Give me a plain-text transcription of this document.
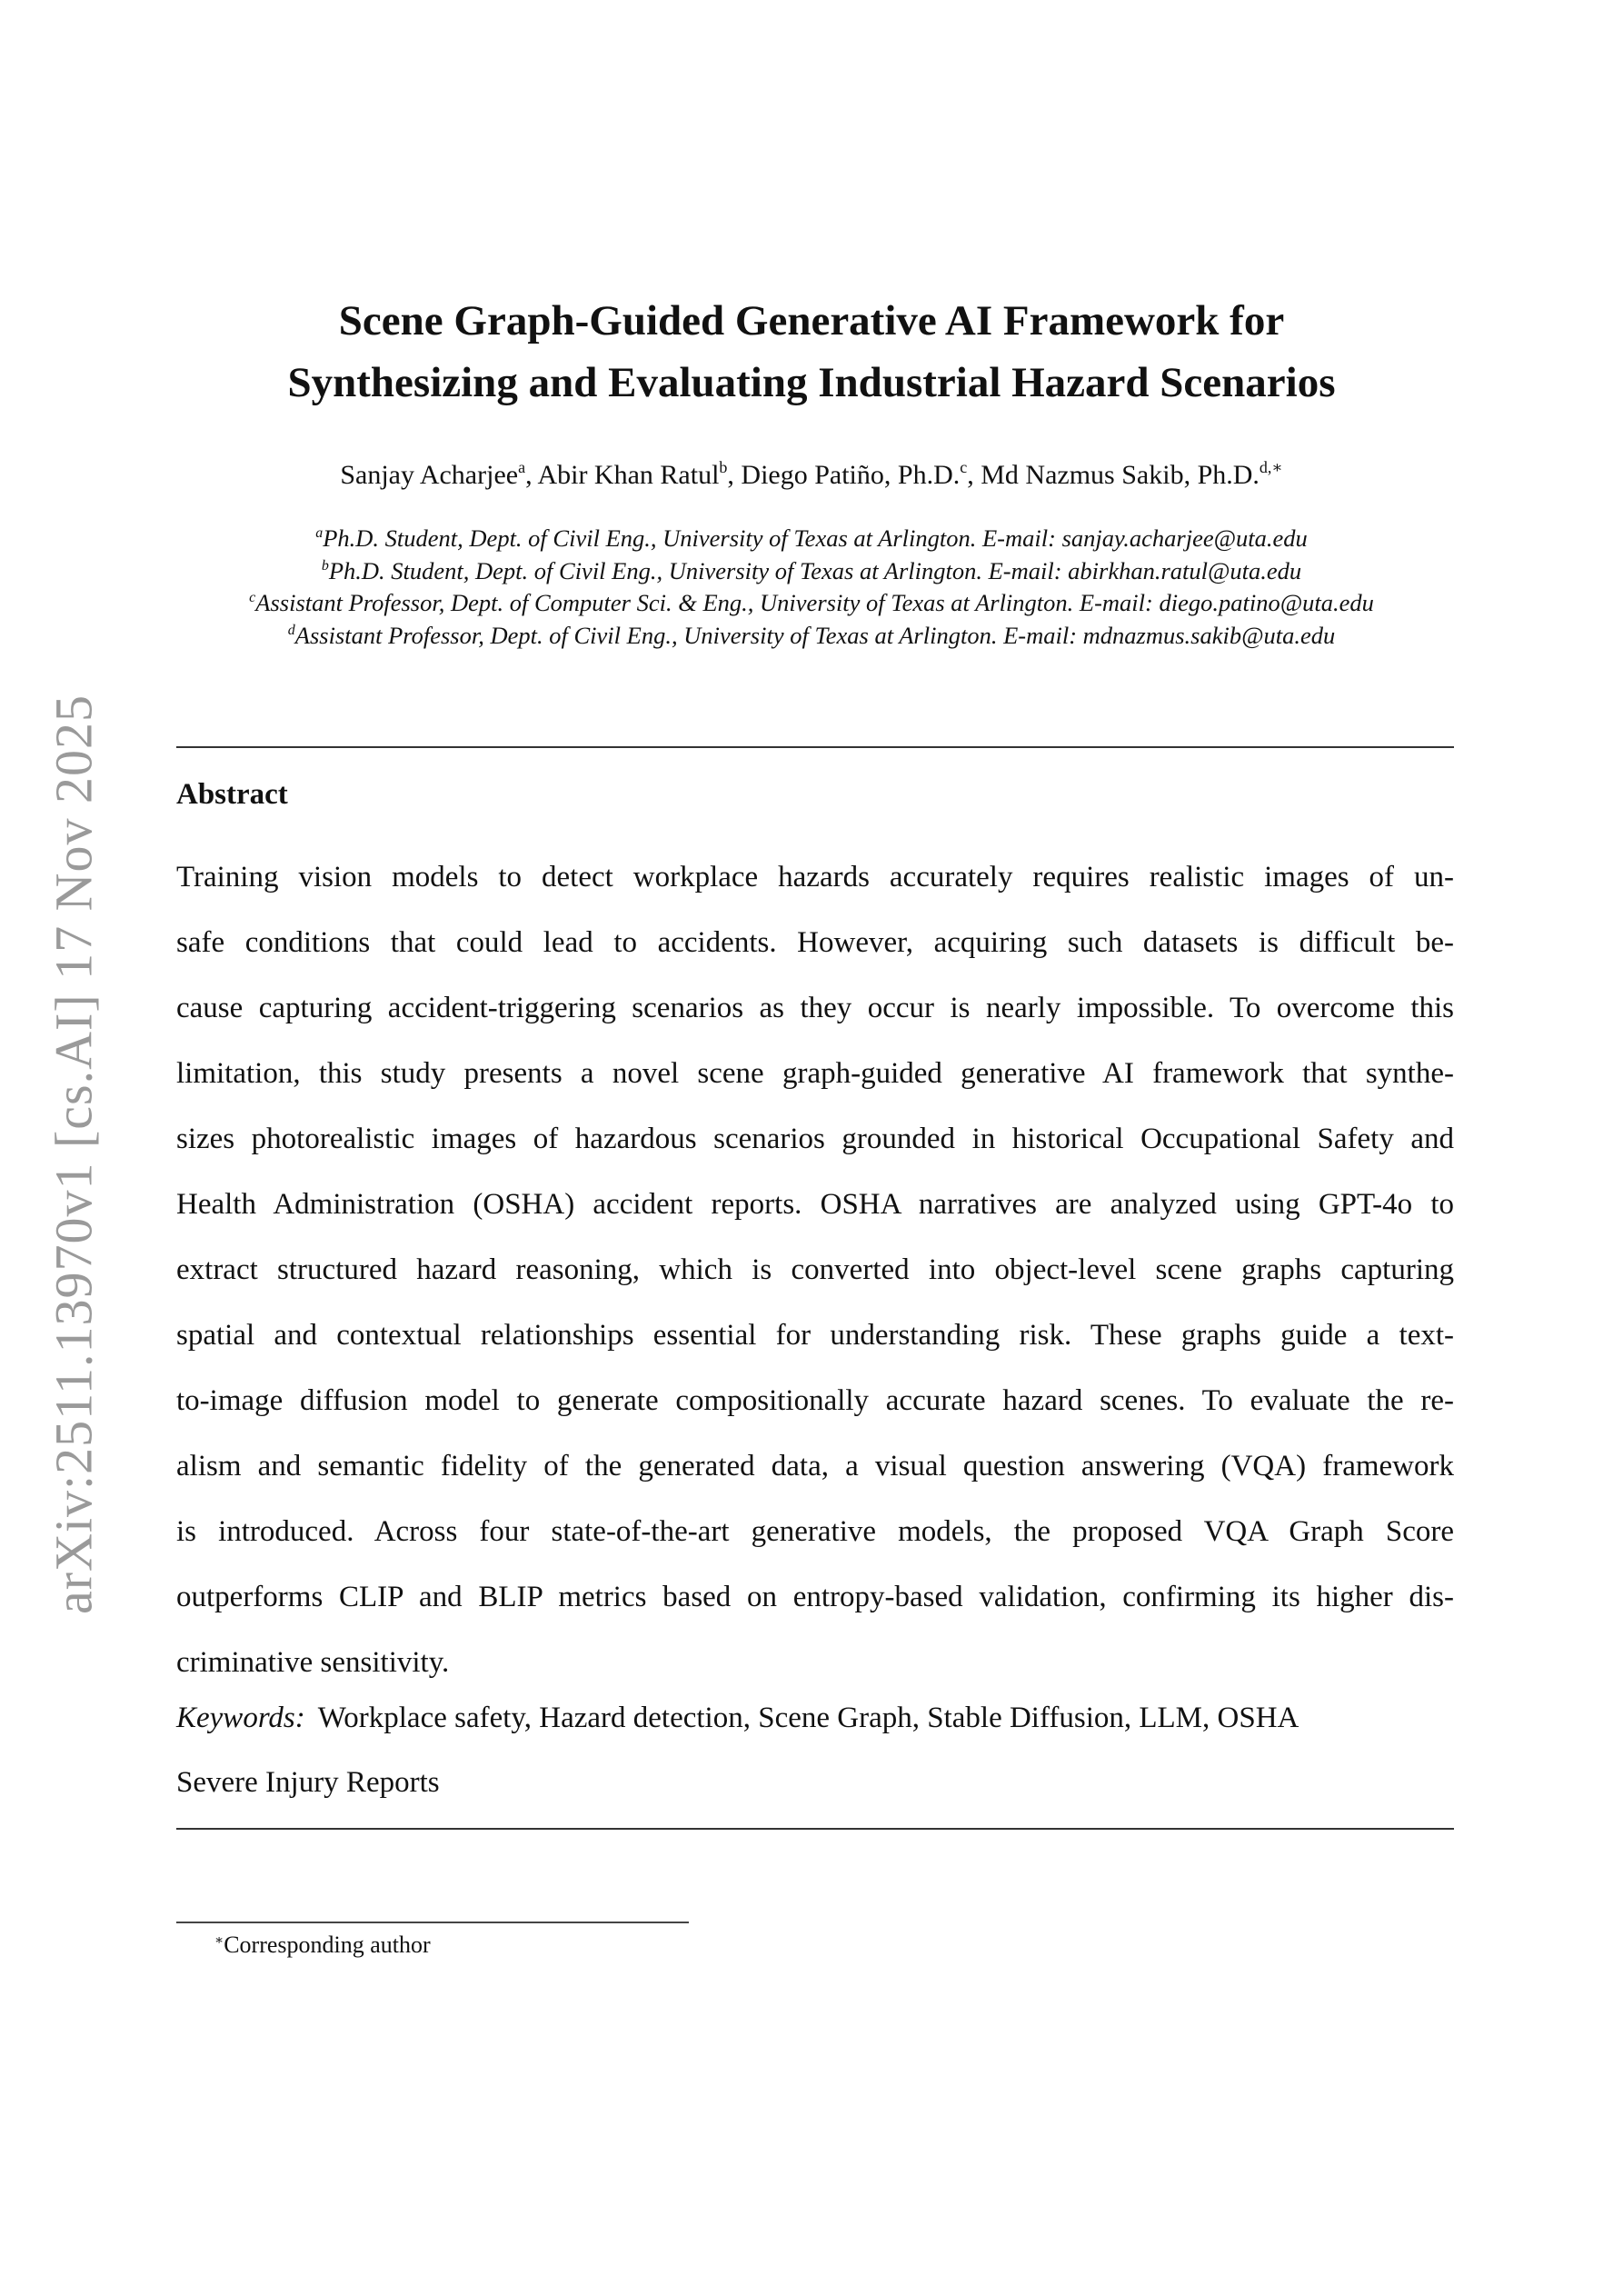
arXiv:2511.13970v1 [cs.AI] 17 Nov 2025
Scene Graph-Guided Generative AI Framework for
Synthesizing and Evaluating Industrial Hazard Scenarios
Sanjay Acharjee$^a$, Abir Khan Ratul$^b$, Diego Patiño, Ph.D.$^c$, Md Nazmus Sakib, Ph.D.$^{d,∗}$
$^a$Ph.D. Student, Dept. of Civil Eng., University of Texas at Arlington. E-mail: sanjay.acharjee@uta.edu
$^b$Ph.D. Student, Dept. of Civil Eng., University of Texas at Arlington. E-mail: abirkhan.ratul@uta.edu
$^c$Assistant Professor, Dept. of Computer Sci. & Eng., University of Texas at Arlington. E-mail: diego.patino@uta.edu
$^d$Assistant Professor, Dept. of Civil Eng., University of Texas at Arlington. E-mail: mdnazmus.sakib@uta.edu
Abstract
Training vision models to detect workplace hazards accurately requires realistic images of un-
safe conditions that could lead to accidents. However, acquiring such datasets is difficult be-
cause capturing accident-triggering scenarios as they occur is nearly impossible. To overcome this
limitation, this study presents a novel scene graph-guided generative AI framework that synthe-
sizes photorealistic images of hazardous scenarios grounded in historical Occupational Safety and
Health Administration (OSHA) accident reports. OSHA narratives are analyzed using GPT-4o to
extract structured hazard reasoning, which is converted into object-level scene graphs capturing
spatial and contextual relationships essential for understanding risk. These graphs guide a text-
to-image diffusion model to generate compositionally accurate hazard scenes. To evaluate the re-
alism and semantic fidelity of the generated data, a visual question answering (VQA) framework
is introduced. Across four state-of-the-art generative models, the proposed VQA Graph Score
outperforms CLIP and BLIP metrics based on entropy-based validation, confirming its higher dis-
criminative sensitivity.
Keywords: Workplace safety, Hazard detection, Scene Graph, Stable Diffusion, LLM, OSHA
Severe Injury Reports
∗Corresponding author
